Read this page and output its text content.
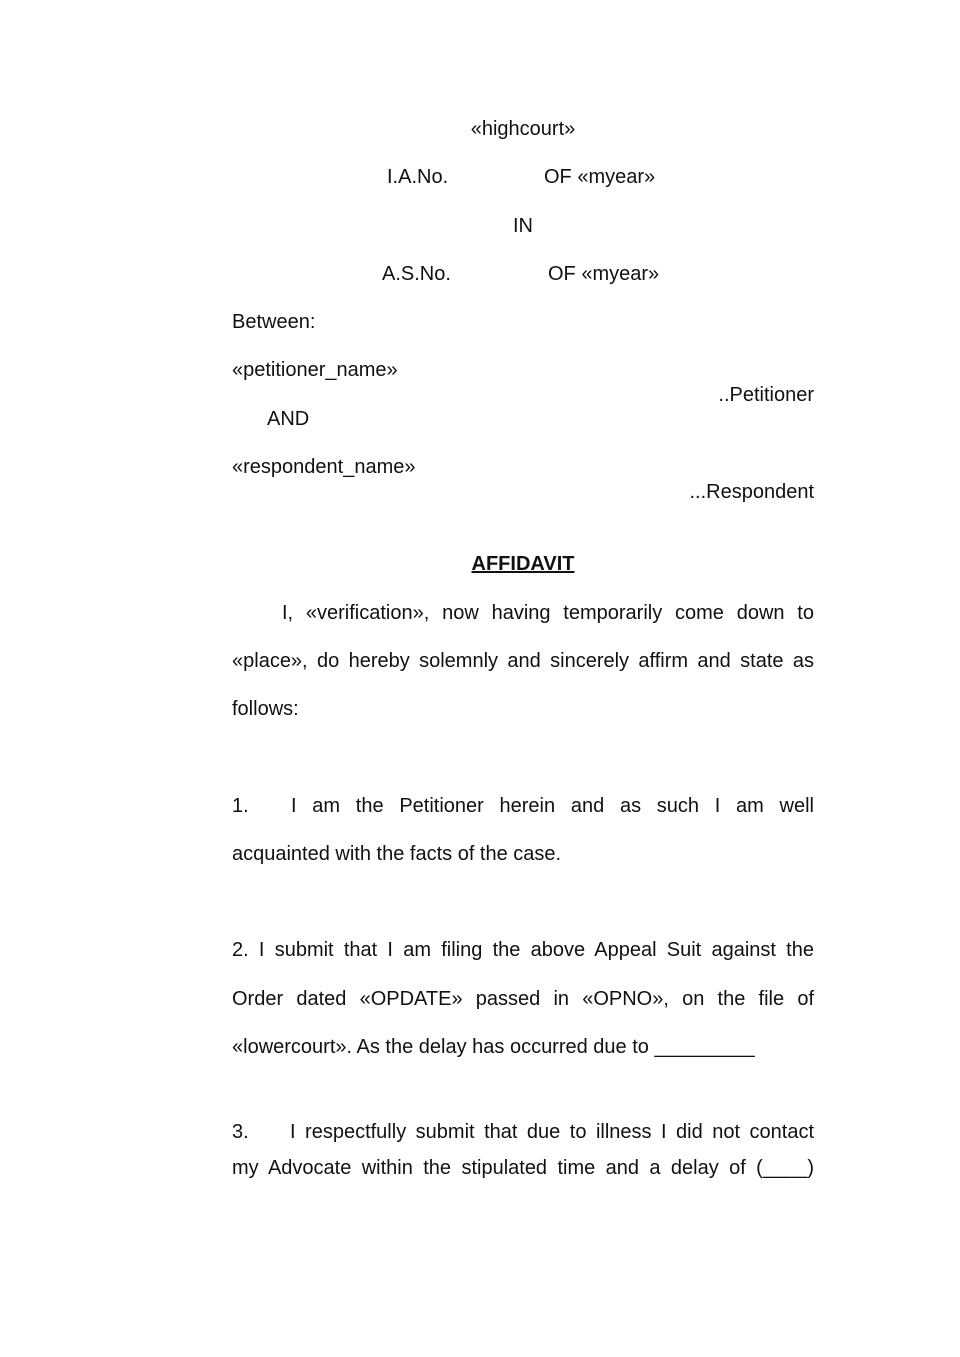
«highcourt»
I.A.No.	OF «myear»
IN
A.S.No.	OF «myear»
Between:
«petitioner_name»
..Petitioner
AND
«respondent_name»
...Respondent
AFFIDAVIT
I, «verification», now having temporarily come down to
«place», do hereby solemnly and sincerely affirm and state as
follows:
1. I am the Petitioner herein and as such I am well
acquainted with the facts of the case.
2. I submit that I am filing the above Appeal Suit against the
Order dated «OPDATE» passed in «OPNO», on the file of
«lowercourt». As the delay has occurred due to _________
3. I respectfully submit that due to illness I did not contact
my Advocate within the stipulated time and a delay of (____)
